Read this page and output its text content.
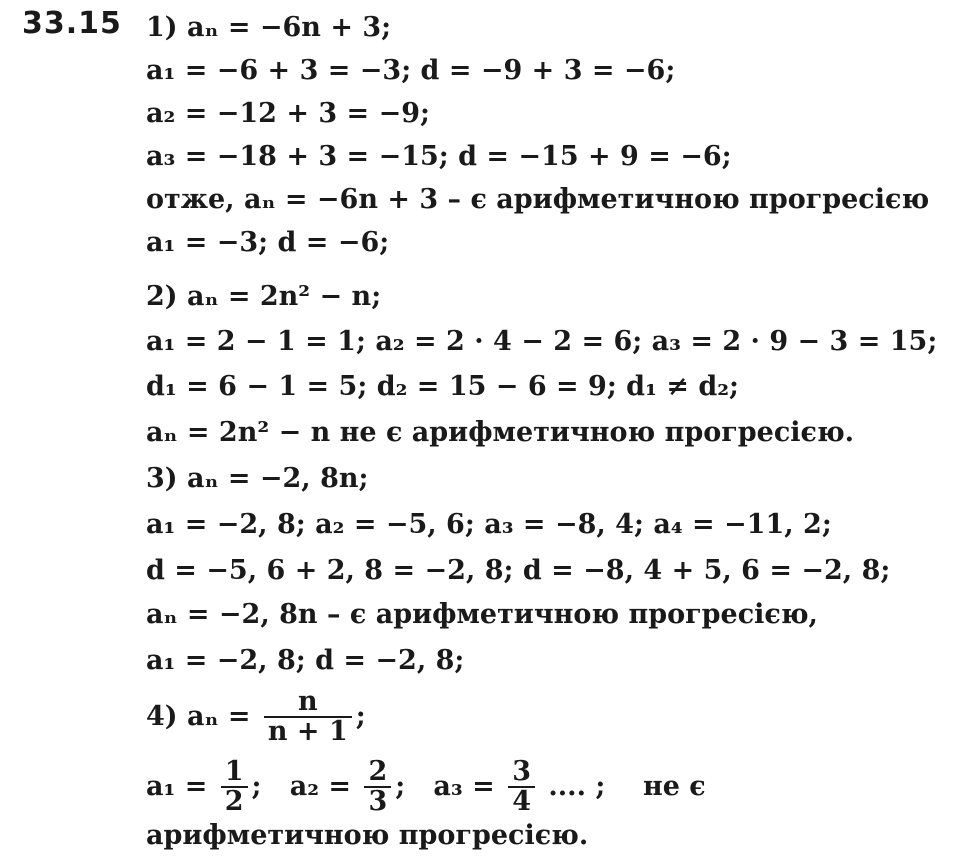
33.15 1) aₙ = −6n + 3;
a₁ = −6 + 3 = −3; d = −9 + 3 = −6;
a₂ = −12 + 3 = −9;
a₃ = −18 + 3 = −15; d = −15 + 9 = −6;
отже, aₙ = −6n + 3 – є арифметичною прогресією
a₁ = −3; d = −6;
2) aₙ = 2n² − n;
a₁ = 2 − 1 = 1; a₂ = 2 · 4 − 2 = 6; a₃ = 2 · 9 − 3 = 15;
d₁ = 6 − 1 = 5; d₂ = 15 − 6 = 9; d₁ ≠ d₂;
aₙ = 2n² − n не є арифметичною прогресією.
3) aₙ = −2, 8n;
a₁ = −2, 8; a₂ = −5, 6; a₃ = −8, 4; a₄ = −11, 2;
d = −5, 6 + 2, 8 = −2, 8; d = −8, 4 + 5, 6 = −2, 8;
aₙ = −2, 8n – є арифметичною прогресією,
a₁ = −2, 8; d = −2, 8;
4) $a_n = \frac{n}{n + 1}$ ;
$a_1 = \frac{1}{2}$ ;   $a_2 = \frac{2}{3}$ ;   $a_3 = \frac{3}{4}$ .... ;    не є
арифметичною прогресією.
